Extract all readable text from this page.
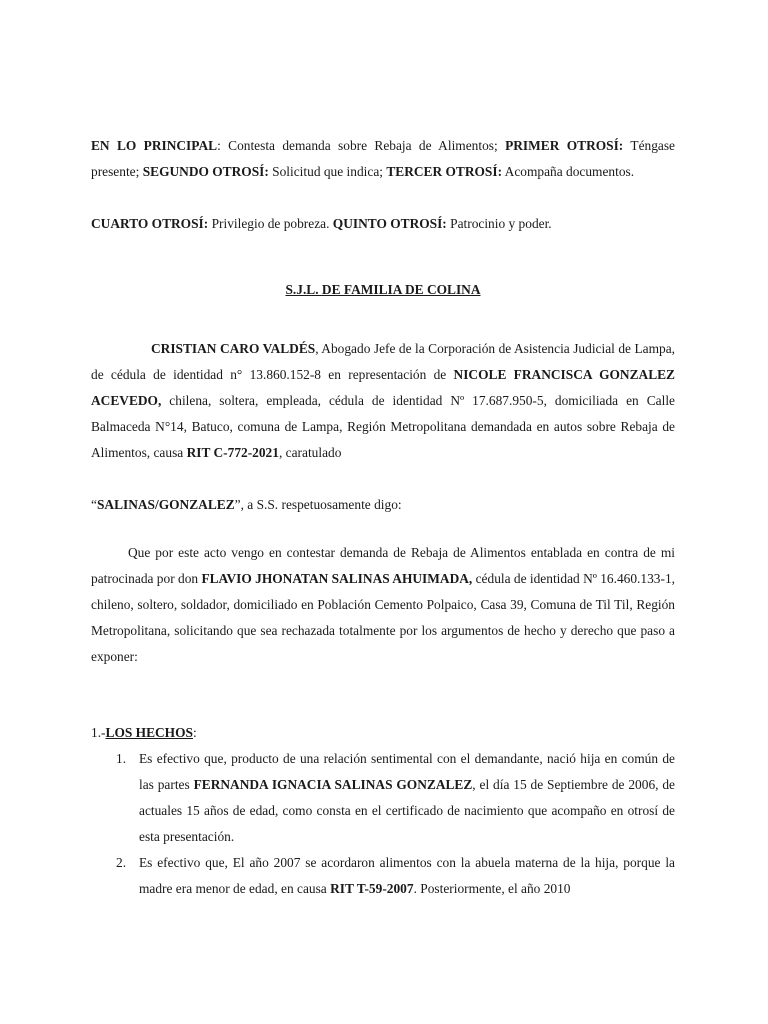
EN LO PRINCIPAL: Contesta demanda sobre Rebaja de Alimentos; PRIMER OTROSÍ: Téngase presente; SEGUNDO OTROSÍ: Solicitud que indica; TERCER OTROSÍ: Acompaña documentos.

CUARTO OTROSÍ: Privilegio de pobreza. QUINTO OTROSÍ: Patrocinio y poder.

S.J.L. DE FAMILIA DE COLINA

CRISTIAN CARO VALDÉS, Abogado Jefe de la Corporación de Asistencia Judicial de Lampa, de cédula de identidad n° 13.860.152-8 en representación de NICOLE FRANCISCA GONZALEZ ACEVEDO, chilena, soltera, empleada, cédula de identidad Nº 17.687.950-5, domiciliada en Calle Balmaceda N°14, Batuco, comuna de Lampa, Región Metropolitana demandada en autos sobre Rebaja de Alimentos, causa RIT C-772-2021, caratulado

“SALINAS/GONZALEZ”, a S.S. respetuosamente digo:

Que por este acto vengo en contestar demanda de Rebaja de Alimentos entablada en contra de mi patrocinada por don FLAVIO JHONATAN SALINAS AHUIMADA, cédula de identidad Nº 16.460.133-1, chileno, soltero, soldador, domiciliado en Población Cemento Polpaico, Casa 39, Comuna de Til Til, Región Metropolitana, solicitando que sea rechazada totalmente por los argumentos de hecho y derecho que paso a exponer:

1.-LOS HECHOS:

1. Es efectivo que, producto de una relación sentimental con el demandante, nació hija en común de las partes FERNANDA IGNACIA SALINAS GONZALEZ, el día 15 de Septiembre de 2006, de actuales 15 años de edad, como consta en el certificado de nacimiento que acompaño en otrosí de esta presentación.
2. Es efectivo que, El año 2007 se acordaron alimentos con la abuela materna de la hija, porque la madre era menor de edad, en causa RIT T-59-2007. Posteriormente, el año 2010
